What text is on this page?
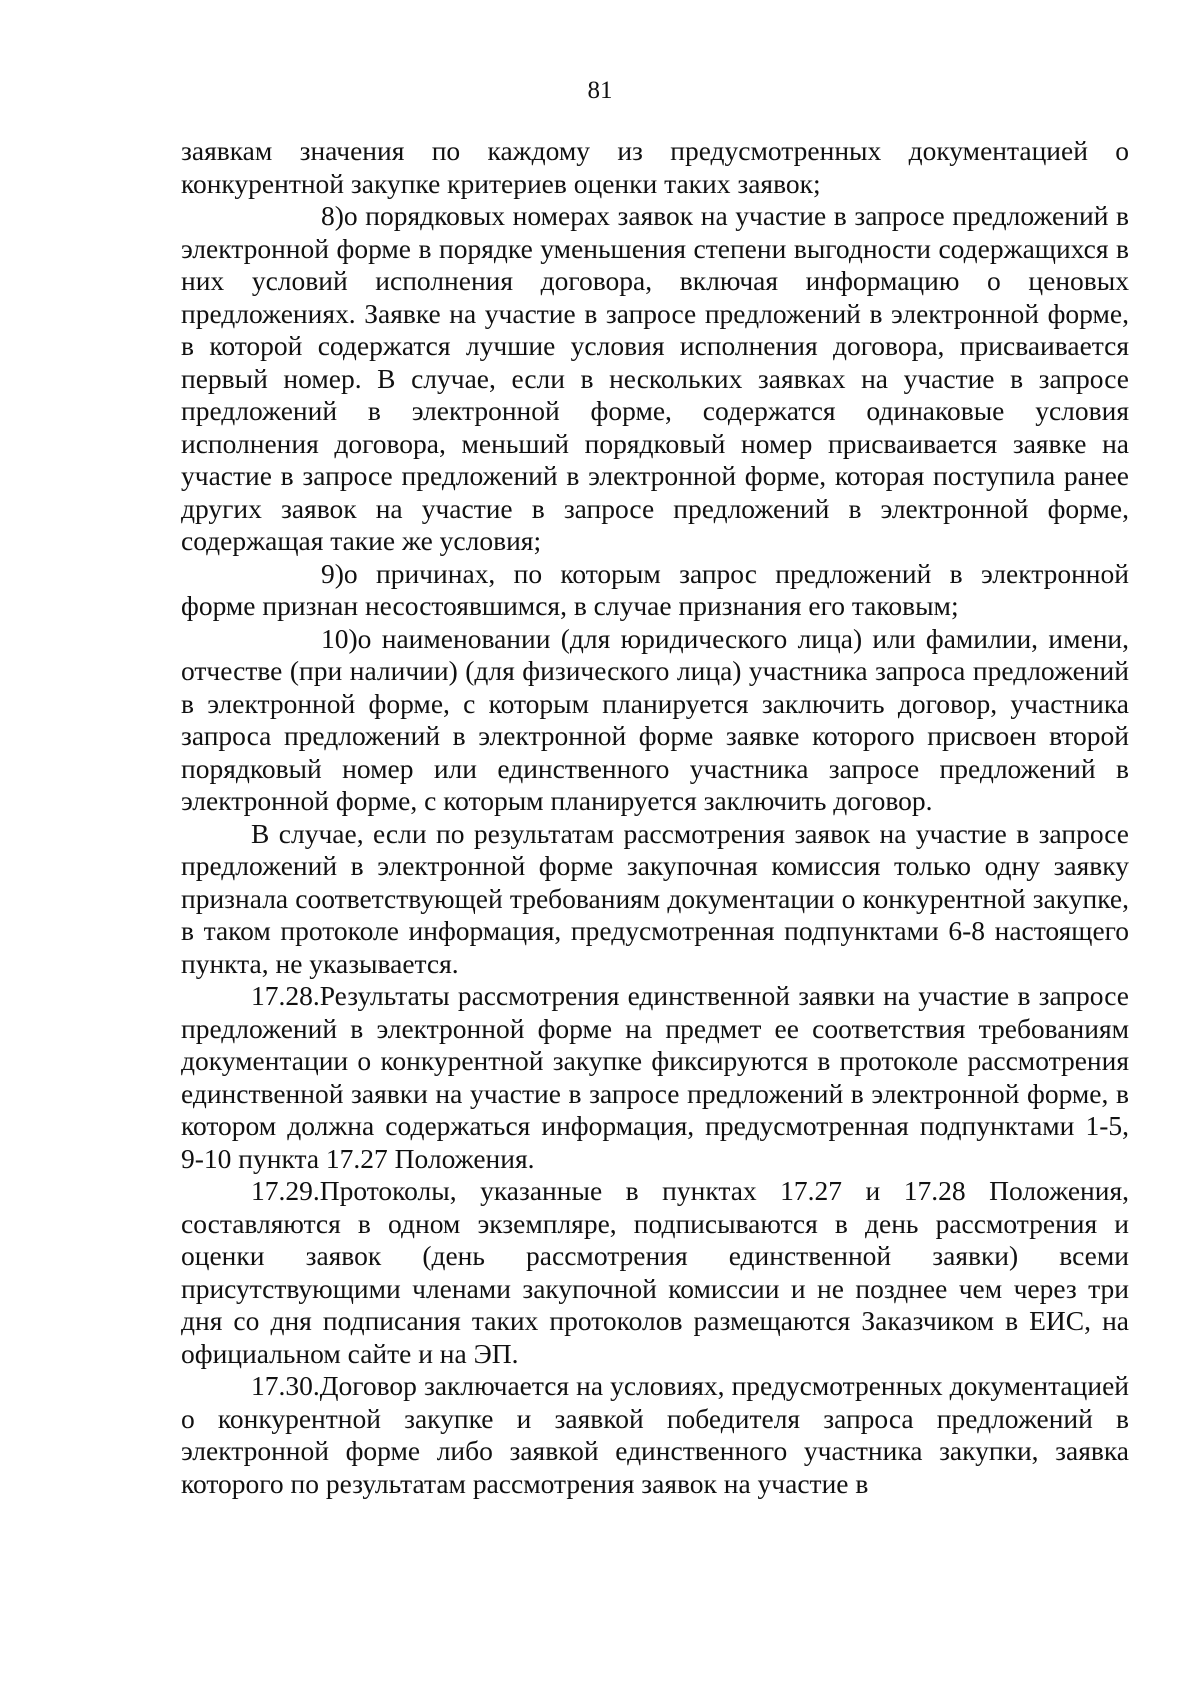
81

заявкам значения по каждому из предусмотренных документацией о конкурентной закупке критериев оценки таких заявок;

8)о порядковых номерах заявок на участие в запросе предложений в электронной форме в порядке уменьшения степени выгодности содержащихся в них условий исполнения договора, включая информацию о ценовых предложениях. Заявке на участие в запросе предложений в электронной форме, в которой содержатся лучшие условия исполнения договора, присваивается первый номер. В случае, если в нескольких заявках на участие в запросе предложений в электронной форме, содержатся одинаковые условия исполнения договора, меньший порядковый номер присваивается заявке на участие в запросе предложений в электронной форме, которая поступила ранее других заявок на участие в запросе предложений в электронной форме, содержащая такие же условия;

9)о причинах, по которым запрос предложений в электронной форме признан несостоявшимся, в случае признания его таковым;

10)о наименовании (для юридического лица) или фамилии, имени, отчестве (при наличии) (для физического лица) участника запроса предложений в электронной форме, с которым планируется заключить договор, участника запроса предложений в электронной форме заявке которого присвоен второй порядковый номер или единственного участника запросе предложений в электронной форме, с которым планируется заключить договор.

В случае, если по результатам рассмотрения заявок на участие в запросе предложений в электронной форме закупочная комиссия только одну заявку признала соответствующей требованиям документации о конкурентной закупке, в таком протоколе информация, предусмотренная подпунктами 6-8 настоящего пункта, не указывается.

17.28.Результаты рассмотрения единственной заявки на участие в запросе предложений в электронной форме на предмет ее соответствия требованиям документации о конкурентной закупке фиксируются в протоколе рассмотрения единственной заявки на участие в запросе предложений в электронной форме, в котором должна содержаться информация, предусмотренная подпунктами 1-5, 9-10 пункта 17.27 Положения.

17.29.Протоколы, указанные в пунктах 17.27 и 17.28 Положения, составляются в одном экземпляре, подписываются в день рассмотрения и оценки заявок (день рассмотрения единственной заявки) всеми присутствующими членами закупочной комиссии и не позднее чем через три дня со дня подписания таких протоколов размещаются Заказчиком в ЕИС, на официальном сайте и на ЭП.

17.30.Договор заключается на условиях, предусмотренных документацией о конкурентной закупке и заявкой победителя запроса предложений в электронной форме либо заявкой единственного участника закупки, заявка которого по результатам рассмотрения заявок на участие в
